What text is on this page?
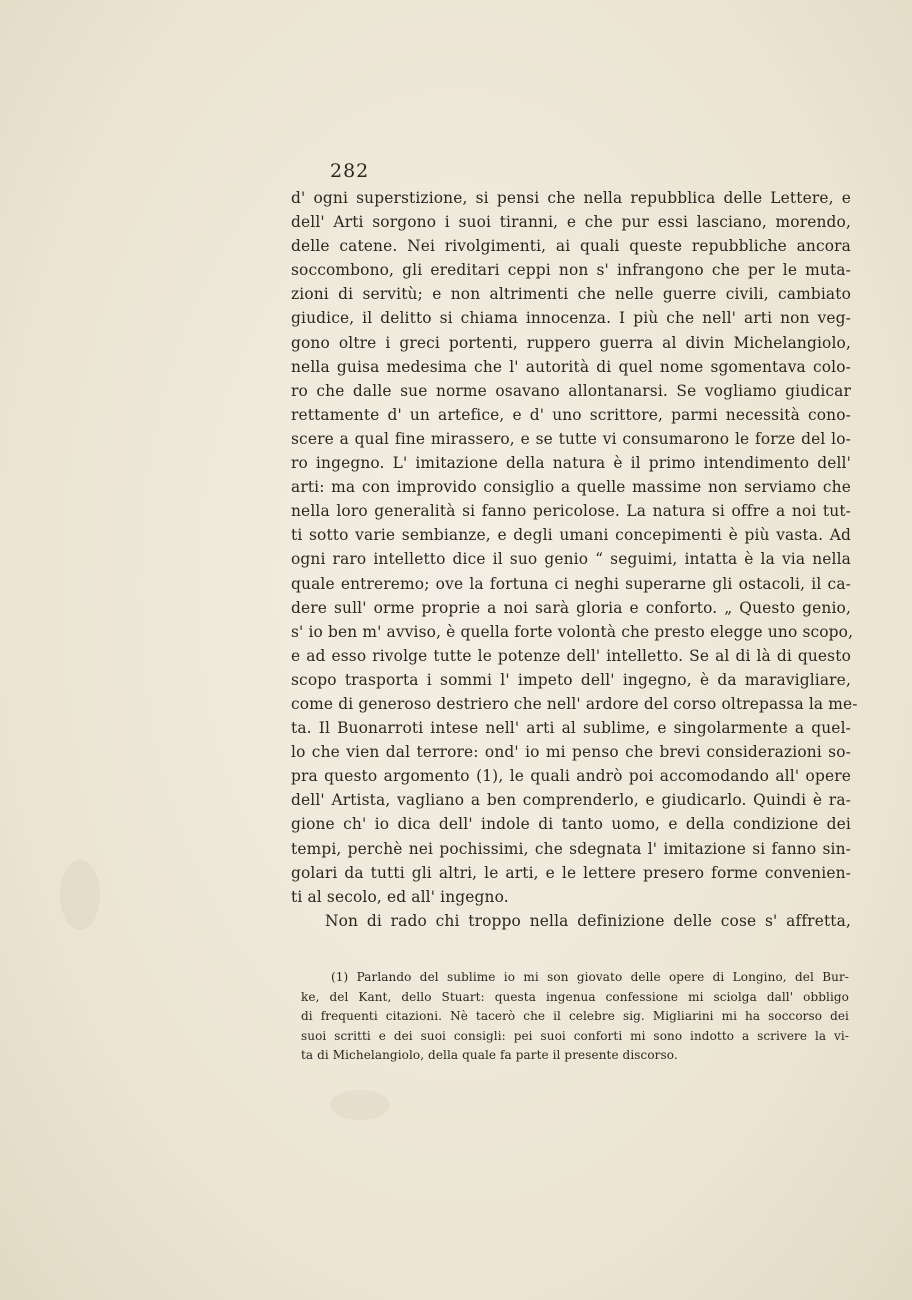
282
d' ogni superstizione, si pensi che nella repubblica delle Lettere, e
dell' Arti sorgono i suoi tiranni, e che pur essi lasciano, morendo,
delle catene. Nei rivolgimenti, ai quali queste repubbliche ancora
soccombono, gli ereditari ceppi non s' infrangono che per le muta-
zioni di servitù; e non altrimenti che nelle guerre civili, cambiato
giudice, il delitto si chiama innocenza. I più che nell' arti non veg-
gono oltre i greci portenti, ruppero guerra al divin Michelangiolo,
nella guisa medesima che l' autorità di quel nome sgomentava colo-
ro che dalle sue norme osavano allontanarsi. Se vogliamo giudicar
rettamente d' un artefice, e d' uno scrittore, parmi necessità cono-
scere a qual fine mirassero, e se tutte vi consumarono le forze del lo-
ro ingegno. L' imitazione della natura è il primo intendimento dell'
arti: ma con improvido consiglio a quelle massime non serviamo che
nella loro generalità si fanno pericolose. La natura si offre a noi tut-
ti sotto varie sembianze, e degli umani concepimenti è più vasta. Ad
ogni raro intelletto dice il suo genio “ seguimi, intatta è la via nella
quale entreremo; ove la fortuna ci neghi superarne gli ostacoli, il ca-
dere sull' orme proprie a noi sarà gloria e conforto. „ Questo genio,
s' io ben m' avviso, è quella forte volontà che presto elegge uno scopo,
e ad esso rivolge tutte le potenze dell' intelletto. Se al di là di questo
scopo trasporta i sommi l' impeto dell' ingegno, è da maravigliare,
come di generoso destriero che nell' ardore del corso oltrepassa la me-
ta. Il Buonarroti intese nell' arti al sublime, e singolarmente a quel-
lo che vien dal terrore: ond' io mi penso che brevi considerazioni so-
pra questo argomento (1), le quali andrò poi accomodando all' opere
dell' Artista, vagliano a ben comprenderlo, e giudicarlo. Quindi è ra-
gione ch' io dica dell' indole di tanto uomo, e della condizione dei
tempi, perchè nei pochissimi, che sdegnata l' imitazione si fanno sin-
golari da tutti gli altri, le arti, e le lettere presero forme convenien-
ti al secolo, ed all' ingegno.
Non di rado chi troppo nella definizione delle cose s' affretta,
(1) Parlando del sublime io mi son giovato delle opere di Longino, del Bur-
ke, del Kant, dello Stuart: questa ingenua confessione mi sciolga dall' obbligo
di frequenti citazioni. Nè tacerò che il celebre sig. Migliarini mi ha soccorso dei
suoi scritti e dei suoi consigli: pei suoi conforti mi sono indotto a scrivere la vi-
ta di Michelangiolo, della quale fa parte il presente discorso.
